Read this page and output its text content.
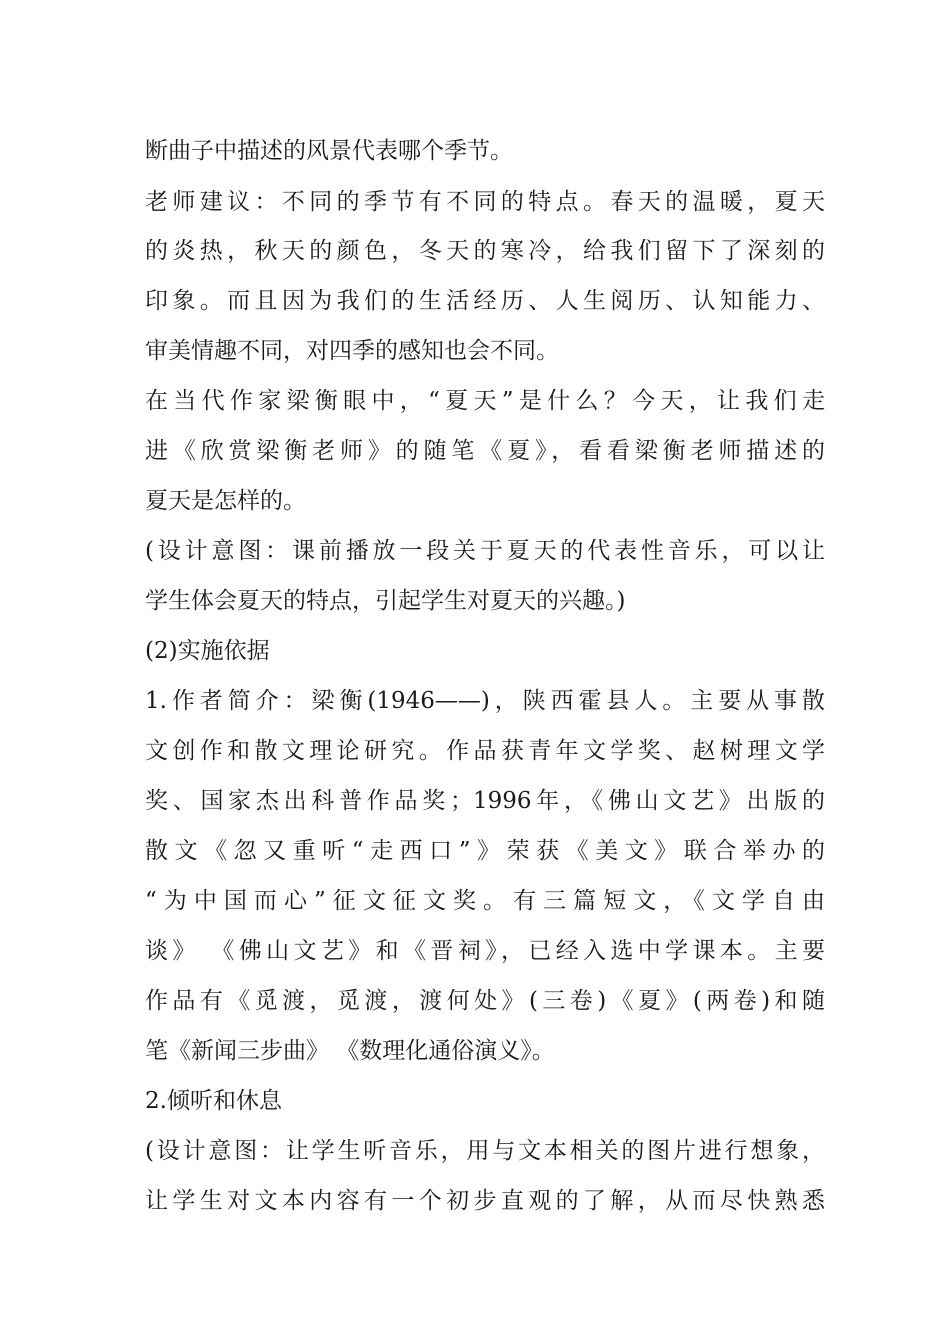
断曲子中描述的风景代表哪个季节。
老师建议：不同的季节有不同的特点。春天的温暖，夏天
的炎热，秋天的颜色，冬天的寒冷，给我们留下了深刻的
印象。而且因为我们的生活经历、人生阅历、认知能力、
审美情趣不同，对四季的感知也会不同。
在当代作家梁衡眼中，“夏天”是什么？今天，让我们走
进《欣赏梁衡老师》的随笔《夏》，看看梁衡老师描述的
夏天是怎样的。
(设计意图：课前播放一段关于夏天的代表性音乐，可以让
学生体会夏天的特点，引起学生对夏天的兴趣。)
(2)实施依据
1.作者简介：梁衡(1946——)，陕西霍县人。主要从事散
文创作和散文理论研究。作品获青年文学奖、赵树理文学
奖、国家杰出科普作品奖；1996年，《佛山文艺》出版的
散文《忽又重听“走西口”》荣获《美文》联合举办的
“为中国而心”征文征文奖。有三篇短文，《文学自由
谈》 《佛山文艺》和《晋祠》，已经入选中学课本。主要
作品有《觅渡，觅渡，渡何处》(三卷)《夏》(两卷)和随
笔《新闻三步曲》 《数理化通俗演义》。
2.倾听和休息
(设计意图：让学生听音乐，用与文本相关的图片进行想象，
让学生对文本内容有一个初步直观的了解，从而尽快熟悉
